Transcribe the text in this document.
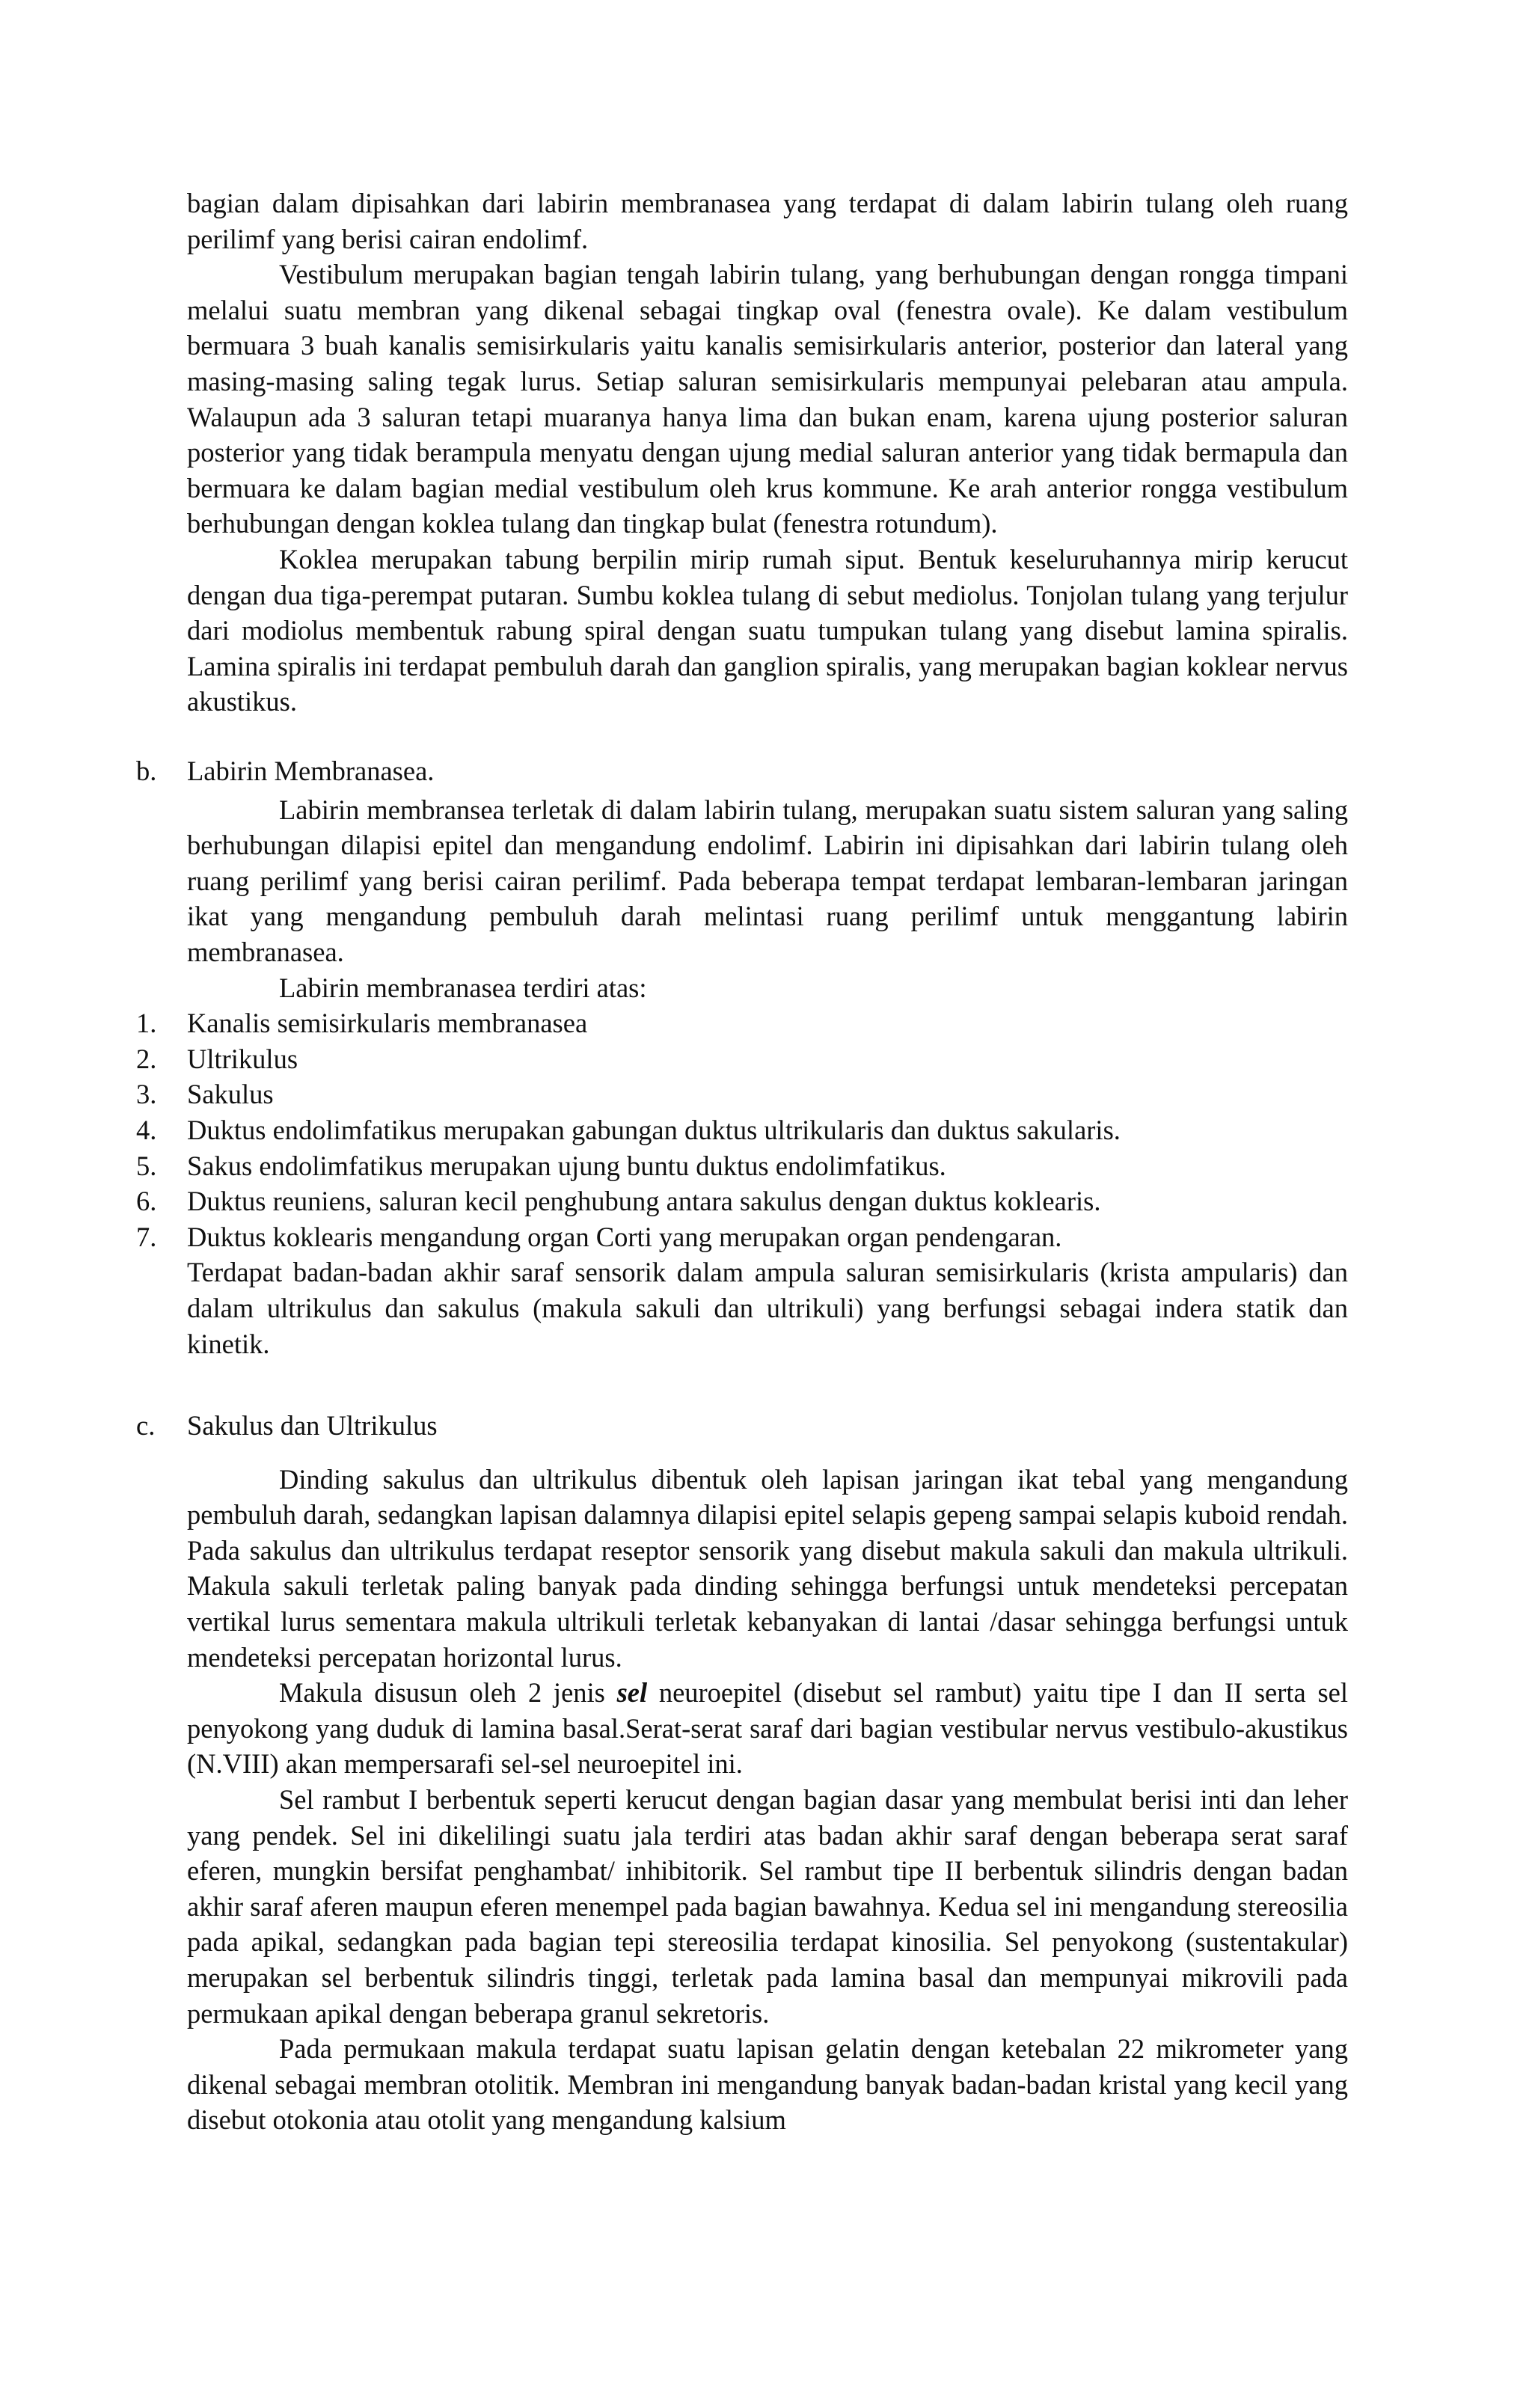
bagian dalam dipisahkan dari labirin membranasea yang terdapat di dalam labirin tulang oleh ruang perilimf yang berisi cairan endolimf.

Vestibulum merupakan bagian tengah labirin tulang, yang berhubungan dengan rongga timpani melalui suatu membran yang dikenal sebagai tingkap oval (fenestra ovale). Ke dalam vestibulum bermuara 3 buah kanalis semisirkularis yaitu kanalis semisirkularis anterior, posterior dan lateral yang masing-masing saling tegak lurus. Setiap saluran semisirkularis mempunyai pelebaran atau ampula. Walaupun ada 3 saluran tetapi muaranya hanya lima dan bukan enam, karena ujung posterior saluran posterior yang tidak berampula menyatu dengan ujung medial saluran anterior yang tidak bermapula dan bermuara ke dalam bagian medial vestibulum oleh krus kommune. Ke arah anterior rongga vestibulum berhubungan dengan koklea tulang dan tingkap bulat (fenestra rotundum).

Koklea merupakan tabung berpilin mirip rumah siput. Bentuk keseluruhannya mirip kerucut dengan dua tiga-perempat putaran. Sumbu koklea tulang di sebut mediolus. Tonjolan tulang yang terjulur dari modiolus membentuk rabung spiral dengan suatu tumpukan tulang yang disebut lamina spiralis. Lamina spiralis ini terdapat pembuluh darah dan ganglion spiralis, yang merupakan bagian koklear nervus akustikus.

b. Labirin Membranasea.

Labirin membransea terletak di dalam labirin tulang, merupakan suatu sistem saluran yang saling berhubungan dilapisi epitel dan mengandung endolimf. Labirin ini dipisahkan dari labirin tulang oleh ruang perilimf yang berisi cairan perilimf. Pada beberapa tempat terdapat lembaran-lembaran jaringan ikat yang mengandung pembuluh darah melintasi ruang perilimf untuk menggantung labirin membranasea.

Labirin membranasea terdiri atas:

1. Kanalis semisirkularis membranasea
2. Ultrikulus
3. Sakulus
4. Duktus endolimfatikus merupakan gabungan duktus ultrikularis dan duktus sakularis.
5. Sakus endolimfatikus merupakan ujung buntu duktus endolimfatikus.
6. Duktus reuniens, saluran kecil penghubung antara sakulus dengan duktus koklearis.
7. Duktus koklearis mengandung organ Corti yang merupakan organ pendengaran.

Terdapat badan-badan akhir saraf sensorik dalam ampula saluran semisirkularis (krista ampularis) dan dalam ultrikulus dan sakulus (makula sakuli dan ultrikuli) yang berfungsi sebagai indera statik dan kinetik.

c. Sakulus dan Ultrikulus

Dinding sakulus dan ultrikulus dibentuk oleh lapisan jaringan ikat tebal yang mengandung pembuluh darah, sedangkan lapisan dalamnya dilapisi epitel selapis gepeng sampai selapis kuboid rendah. Pada sakulus dan ultrikulus terdapat reseptor sensorik yang disebut makula sakuli dan makula ultrikuli. Makula sakuli terletak paling banyak pada dinding sehingga berfungsi untuk mendeteksi percepatan vertikal lurus sementara makula ultrikuli terletak kebanyakan di lantai /dasar sehingga berfungsi untuk mendeteksi percepatan horizontal lurus.

Makula disusun oleh 2 jenis sel neuroepitel (disebut sel rambut) yaitu tipe I dan II serta sel penyokong yang duduk di lamina basal.Serat-serat saraf dari bagian vestibular nervus vestibulo-akustikus (N.VIII) akan mempersarafi sel-sel neuroepitel ini.

Sel rambut I berbentuk seperti kerucut dengan bagian dasar yang membulat berisi inti dan leher yang pendek. Sel ini dikelilingi suatu jala terdiri atas badan akhir saraf dengan beberapa serat saraf eferen, mungkin bersifat penghambat/ inhibitorik. Sel rambut tipe II berbentuk silindris dengan badan akhir saraf aferen maupun eferen menempel pada bagian bawahnya. Kedua sel ini mengandung stereosilia pada apikal, sedangkan pada bagian tepi stereosilia terdapat kinosilia. Sel penyokong (sustentakular) merupakan sel berbentuk silindris tinggi, terletak pada lamina basal dan mempunyai mikrovili pada permukaan apikal dengan beberapa granul sekretoris.

Pada permukaan makula terdapat suatu lapisan gelatin dengan ketebalan 22 mikrometer yang dikenal sebagai membran otolitik. Membran ini mengandung banyak badan-badan kristal yang kecil yang disebut otokonia atau otolit yang mengandung kalsium
